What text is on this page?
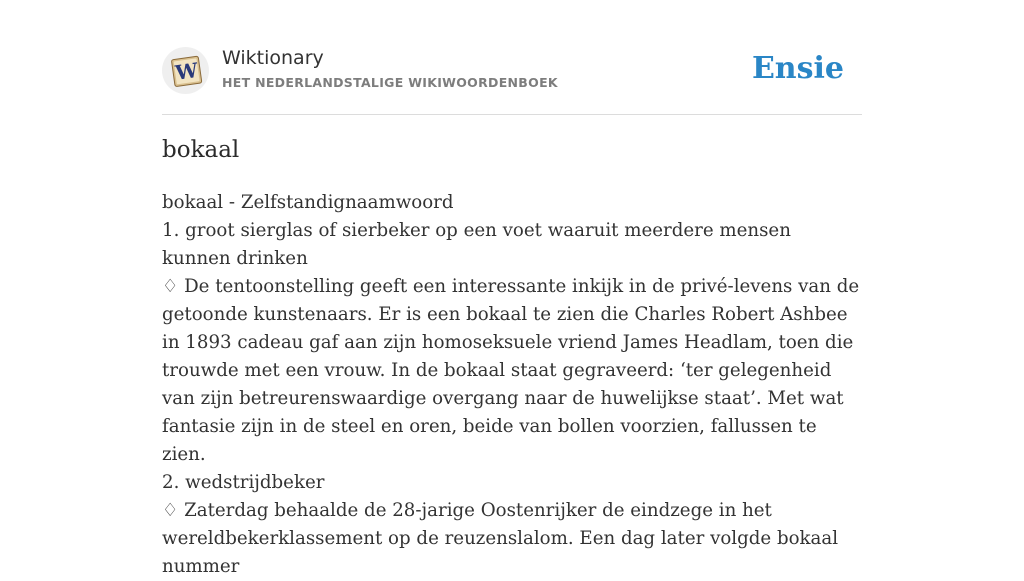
W Wiktionary
HET NEDERLANDSTALIGE WIKIWOORDENBOEK	Ensie
bokaal

bokaal - Zelfstandignaamwoord

1. groot sierglas of sierbeker op een voet waaruit meerdere mensen kunnen drinken

♢ De tentoonstelling geeft een interessante inkijk in de privé-levens van de getoonde kunstenaars. Er is een bokaal te zien die Charles Robert Ashbee in 1893 cadeau gaf aan zijn homoseksuele vriend James Headlam, toen die trouwde met een vrouw. In de bokaal staat gegraveerd: ‘ter gelegenheid van zijn betreurenswaardige overgang naar de huwelijkse staat’. Met wat fantasie zijn in de steel en oren, beide van bollen voorzien, fallussen te zien.

2. wedstrijdbeker

♢ Zaterdag behaalde de 28-jarige Oostenrijker de eindzege in het wereldbekerklassement op de reuzenslalom. Een dag later volgde bokaal nummer
